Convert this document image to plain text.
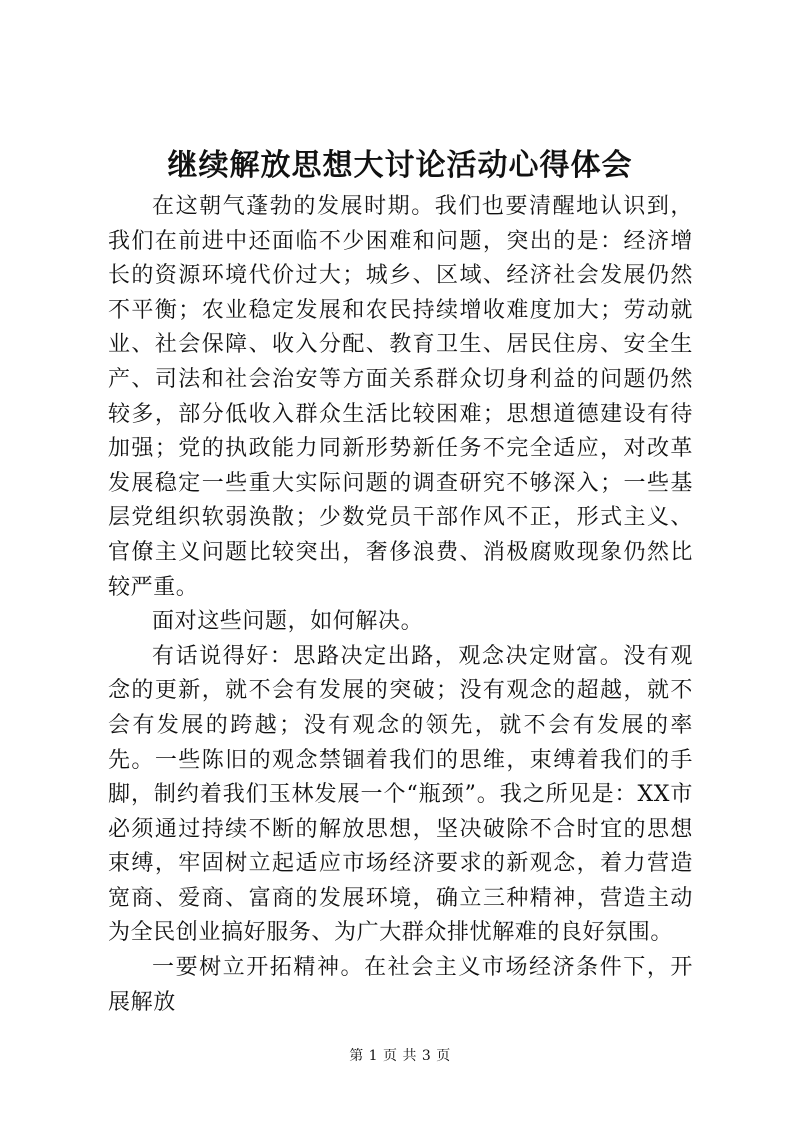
继续解放思想大讨论活动心得体会

在这朝气蓬勃的发展时期。我们也要清醒地认识到，我们在前进中还面临不少困难和问题，突出的是：经济增长的资源环境代价过大；城乡、区域、经济社会发展仍然不平衡；农业稳定发展和农民持续增收难度加大；劳动就业、社会保障、收入分配、教育卫生、居民住房、安全生产、司法和社会治安等方面关系群众切身利益的问题仍然较多，部分低收入群众生活比较困难；思想道德建设有待加强；党的执政能力同新形势新任务不完全适应，对改革发展稳定一些重大实际问题的调查研究不够深入；一些基层党组织软弱涣散；少数党员干部作风不正，形式主义、官僚主义问题比较突出，奢侈浪费、消极腐败现象仍然比较严重。

面对这些问题，如何解决。

有话说得好：思路决定出路，观念决定财富。没有观念的更新，就不会有发展的突破；没有观念的超越，就不会有发展的跨越；没有观念的领先，就不会有发展的率先。一些陈旧的观念禁锢着我们的思维，束缚着我们的手脚，制约着我们玉林发展一个“瓶颈”。我之所见是：XX市必须通过持续不断的解放思想，坚决破除不合时宜的思想束缚，牢固树立起适应市场经济要求的新观念，着力营造宽商、爱商、富商的发展环境，确立三种精神，营造主动为全民创业搞好服务、为广大群众排忧解难的良好氛围。

一要树立开拓精神。在社会主义市场经济条件下，开展解放

第 1 页 共 3 页
